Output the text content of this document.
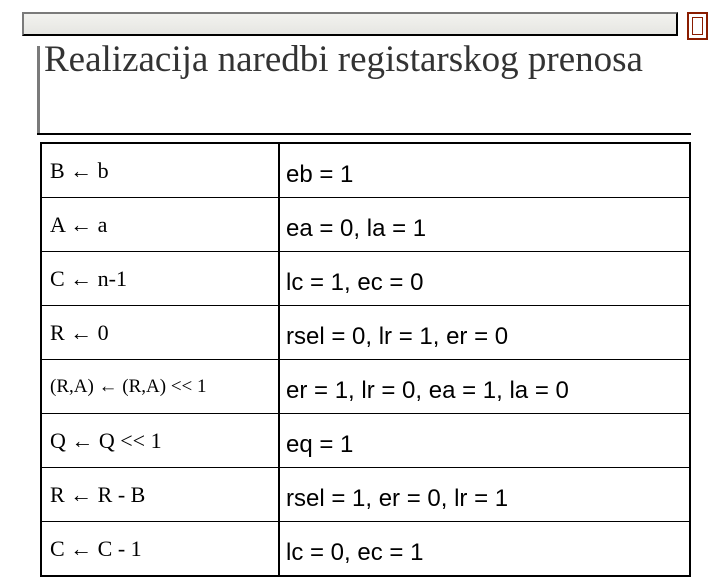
Realizacija naredbi registarskog prenosa
B ← b	eb = 1
A ← a	ea = 0, la = 1
C ← n-1	lc = 1, ec = 0
R ← 0	rsel = 0, lr = 1, er = 0
(R,A) ← (R,A) << 1	er = 1, lr = 0, ea = 1, la = 0
Q ← Q << 1	eq = 1
R ← R - B	rsel = 1, er = 0, lr = 1
C ← C - 1	lc = 0, ec = 1
